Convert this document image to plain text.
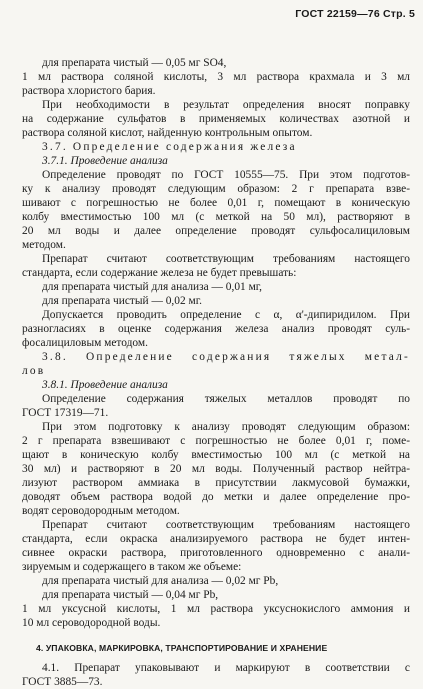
ГОСТ 22159—76 Стр. 5
для препарата чистый — 0,05 мг SO4,
1 мл раствора соляной кислоты, 3 мл раствора крахмала и 3 мл
раствора хлористого бария.
При необходимости в результат определения вносят поправку
на содержание сульфатов в применяемых количествах азотной и
раствора соляной кислот, найденную контрольным опытом.
3.7. Определение содержания железа
3.7.1. Проведение анализа
Определение проводят по ГОСТ 10555—75. При этом подготов-
ку к анализу проводят следующим образом: 2 г препарата взве-
шивают с погрешностью не более 0,01 г, помещают в коническую
колбу вместимостью 100 мл (с меткой на 50 мл), растворяют в
20 мл воды и далее определение проводят сульфосалициловым
методом.
Препарат считают соответствующим требованиям настоящего
стандарта, если содержание железа не будет превышать:
для препарата чистый для анализа — 0,01 мг,
для препарата чистый — 0,02 мг.
Допускается проводить определение с α, α'-дипиридилом. При
разногласиях в оценке содержания железа анализ проводят суль-
фосалициловым методом.
3.8. Определение содержания тяжелых метал-
лов
3.8.1. Проведение анализа
Определение содержания тяжелых металлов проводят по
ГОСТ 17319—71.
При этом подготовку к анализу проводят следующим образом:
2 г препарата взвешивают с погрешностью не более 0,01 г, поме-
щают в коническую колбу вместимостью 100 мл (с меткой на
30 мл) и растворяют в 20 мл воды. Полученный раствор нейтра-
лизуют раствором аммиака в присутствии лакмусовой бумажки,
доводят объем раствора водой до метки и далее определение про-
водят сероводородным методом.
Препарат считают соответствующим требованиям настоящего
стандарта, если окраска анализируемого раствора не будет интен-
сивнее окраски раствора, приготовленного одновременно с анали-
зируемым и содержащего в таком же объеме:
для препарата чистый для анализа — 0,02 мг Pb,
для препарата чистый — 0,04 мг Pb,
1 мл уксусной кислоты, 1 мл раствора уксуснокислого аммония и
10 мл сероводородной воды.
4. УПАКОВКА, МАРКИРОВКА, ТРАНСПОРТИРОВАНИЕ И ХРАНЕНИЕ
4.1. Препарат упаковывают и маркируют в соответствии с
ГОСТ 3885—73.
